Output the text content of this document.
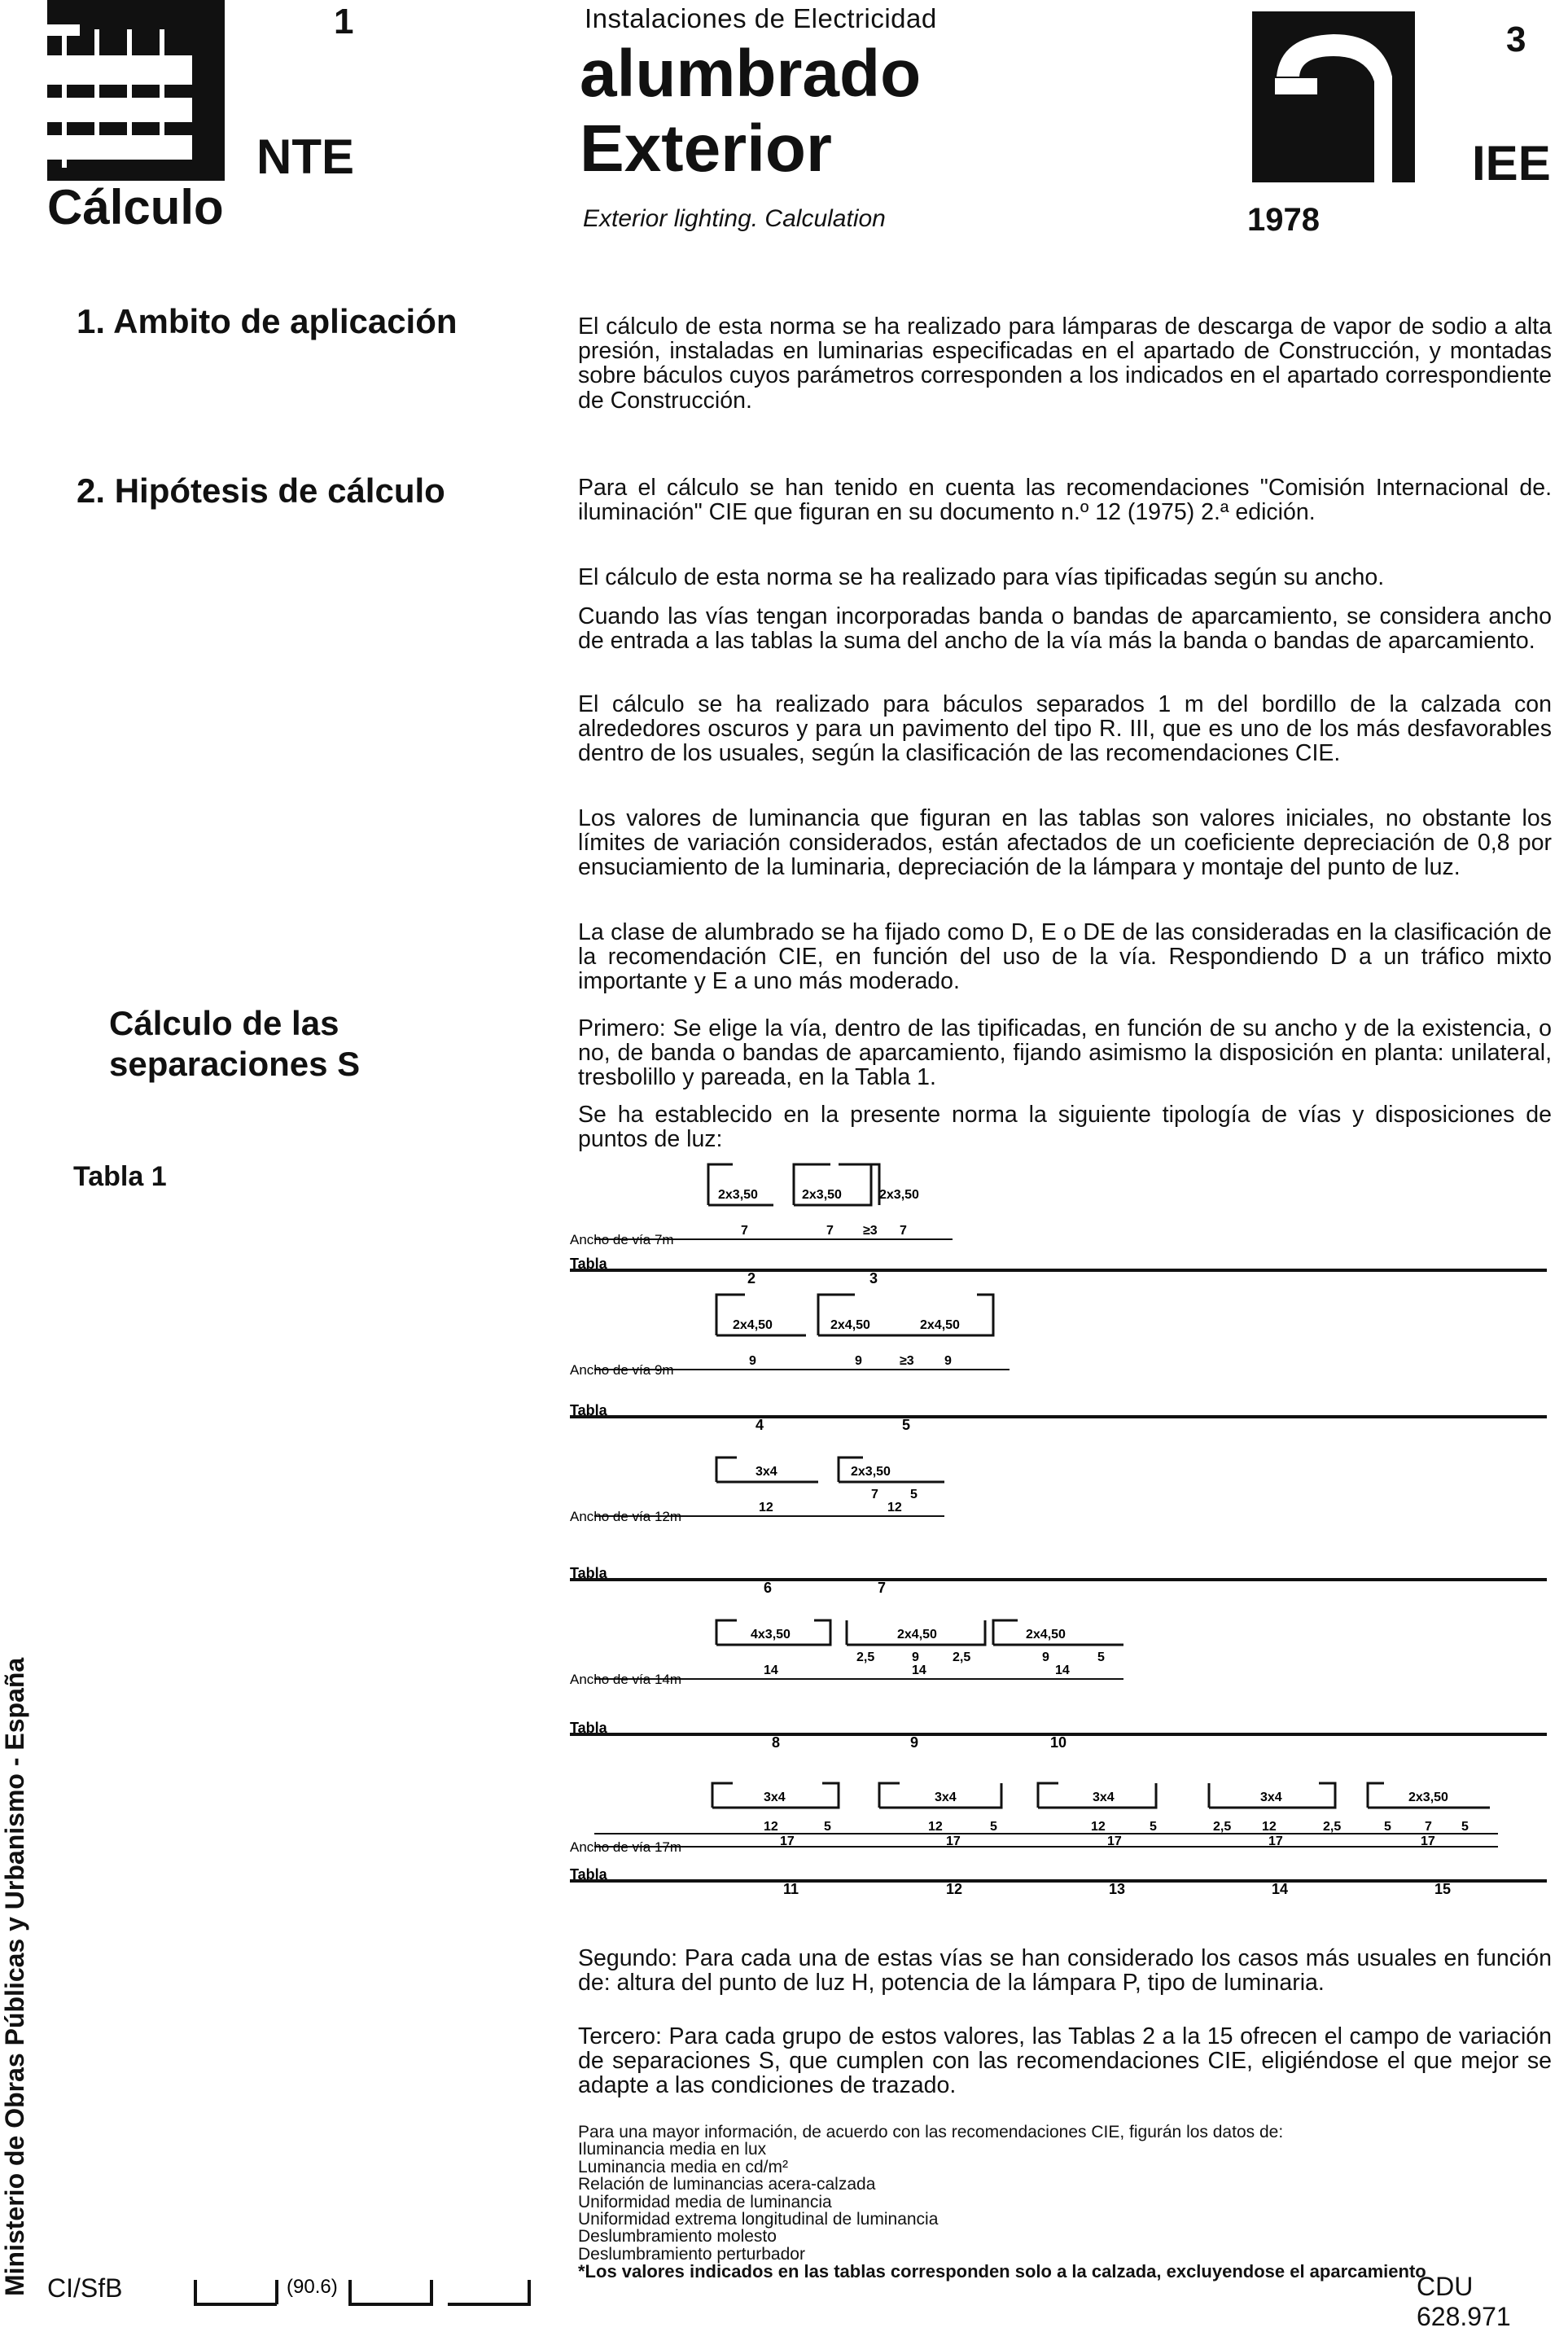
1
NTE
Cálculo
Instalaciones de Electricidad
alumbrado
Exterior
Exterior lighting. Calculation
3
IEE
1978
1. Ambito de aplicación
2. Hipótesis de cálculo
Cálculo de las separaciones S
Tabla 1
El cálculo de esta norma se ha realizado para lámparas de descarga de vapor de sodio a alta presión, instaladas en luminarias especificadas en el apartado de Construcción, y montadas sobre báculos cuyos parámetros corresponden a los indicados en el apartado correspondiente de Construcción.
Para el cálculo se han tenido en cuenta las recomendaciones "Comisión Internacional de. iluminación" CIE que figuran en su documento n.º 12 (1975) 2.ª edición.
El cálculo de esta norma se ha realizado para vías tipificadas según su ancho.
Cuando las vías tengan incorporadas banda o bandas de aparcamiento, se considera ancho de entrada a las tablas la suma del ancho de la vía más la banda o bandas de aparcamiento.
El cálculo se ha realizado para báculos separados 1 m del bordillo de la calzada con alrededores oscuros y para un pavimento del tipo R. III, que es uno de los más desfavorables dentro de los usuales, según la clasificación de las recomendaciones CIE.
Los valores de luminancia que figuran en las tablas son valores iniciales, no obstante los límites de variación considerados, están afectados de un coeficiente depreciación de 0,8 por ensuciamiento de la luminaria, depreciación de la lámpara y montaje del punto de luz.
La clase de alumbrado se ha fijado como D, E o DE de las consideradas en la clasificación de la recomendación CIE, en función del uso de la vía. Respondiendo D a un tráfico mixto importante y E a uno más moderado.
Primero: Se elige la vía, dentro de las tipificadas, en función de su ancho y de la existencia, o no, de banda o bandas de aparcamiento, fijando asimismo la disposición en planta: unilateral, tresbolillo y pareada, en la Tabla 1.
Se ha establecido en la presente norma la siguiente tipología de vías y disposiciones de puntos de luz:
Ancho de vía 7m
2x3,50	2x3,50	2x3,50
7	7 ≥3 7
Tabla
2	3
Ancho de vía 9m
2x4,50	2x4,50	2x4,50
9	9	≥3 9
Tabla
4	5
Ancho de vía 12m
3x4	2x3,50
12
7 5
12
Tabla
6	7
Ancho de vía 14m
4x3,50	2x4,50	2x4,50
14
2,5	9	2,5
14
9	5
14
Tabla
8	9	10
Ancho de vía 17m
3x4	3x4	3x4	3x4	2x3,50
12	5
17
12	5
17
12	5
17
2,5 12	2,5
17
5	7 5
17
Tabla
11	12	13	14	15
Segundo: Para cada una de estas vías se han considerado los casos más usuales en función de: altura del punto de luz H, potencia de la lámpara P, tipo de luminaria.
Tercero: Para cada grupo de estos valores, las Tablas 2 a la 15 ofrecen el campo de variación de separaciones S, que cumplen con las recomendaciones CIE, eligiéndose el que mejor se adapte a las condiciones de trazado.
Para una mayor información, de acuerdo con las recomendaciones CIE, figurán los datos de:
Iluminancia media en lux
Luminancia media en cd/m²
Relación de luminancias acera-calzada
Uniformidad media de luminancia
Uniformidad extrema longitudinal de luminancia
Deslumbramiento molesto
Deslumbramiento perturbador
*Los valores indicados en las tablas corresponden solo a la calzada, excluyendose el aparcamiento
Ministerio de Obras Públicas y Urbanismo - España CI/SfB	(90.6)	CDU 628.971
